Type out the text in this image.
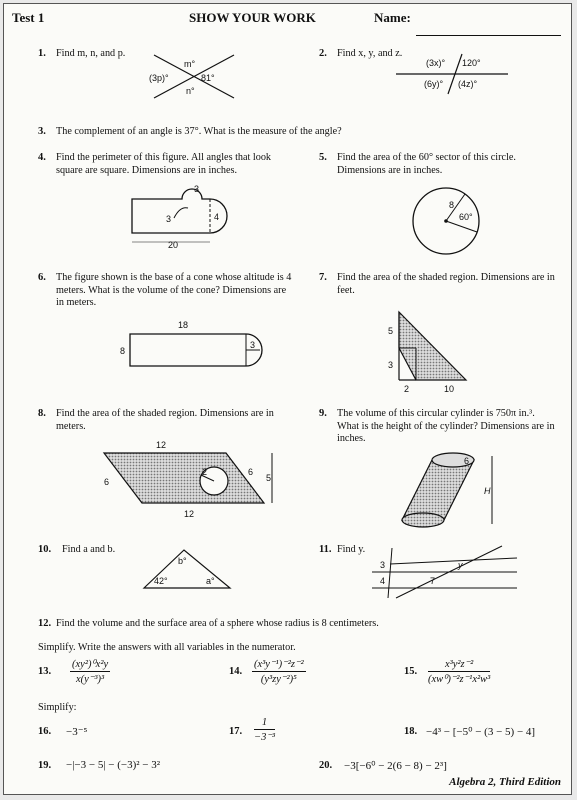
Test 1	SHOW YOUR WORK	Name:
1. Find m, n, and p.
m°
(3p)°	81°
n°
2. Find x, y, and z.
(3x)° 120°
(6y)° (4z)°
3. The complement of an angle is 37°. What is the measure of the angle?
4. Find the perimeter of this figure. All angles that look square are square. Dimensions are in inches.
3
3	4
20
5. Find the area of the 60° sector of this circle. Dimensions are in inches.
8
60°
6. The figure shown is the base of a cone whose altitude is 4 meters. What is the volume of the cone? Dimensions are in meters.
18
8
3
7. Find the area of the shaded region. Dimensions are in feet.
5
3
2	10
8. Find the area of the shaded region. Dimensions are in meters.
12
12
6
6
5
2
9. The volume of this circular cylinder is 750π in.³. What is the height of the cylinder? Dimensions are in inches.
6
H
10. Find a and b.
b°
42°	a°
11. Find y.
3	y
4	7
12. Find the volume and the surface area of a sphere whose radius is 8 centimeters.
Simplify. Write the answers with all variables in the numerator.
13. $\frac{\text{(xy²)⁰x²y}}{\text{x(y⁻³)³}}$	14. $\frac{\text{(x³y⁻¹)⁻²z⁻²}}{\text{(y³zy⁻²)⁵}}$	15. $\frac{\text{x³y²z⁻²}}{\text{(xw⁰)⁻²z⁻¹x²w³}}$
Simplify:
16. −3⁻⁵	17. $\frac{1}{\text{−3⁻³}}$	18. −4³ − [−5⁰ − (3 − 5) − 4]
19. −|−3 − 5| − (−3)² − 3²	20. −3[−6⁰ − 2(6 − 8) − 2³]
Algebra 2, Third Edition
